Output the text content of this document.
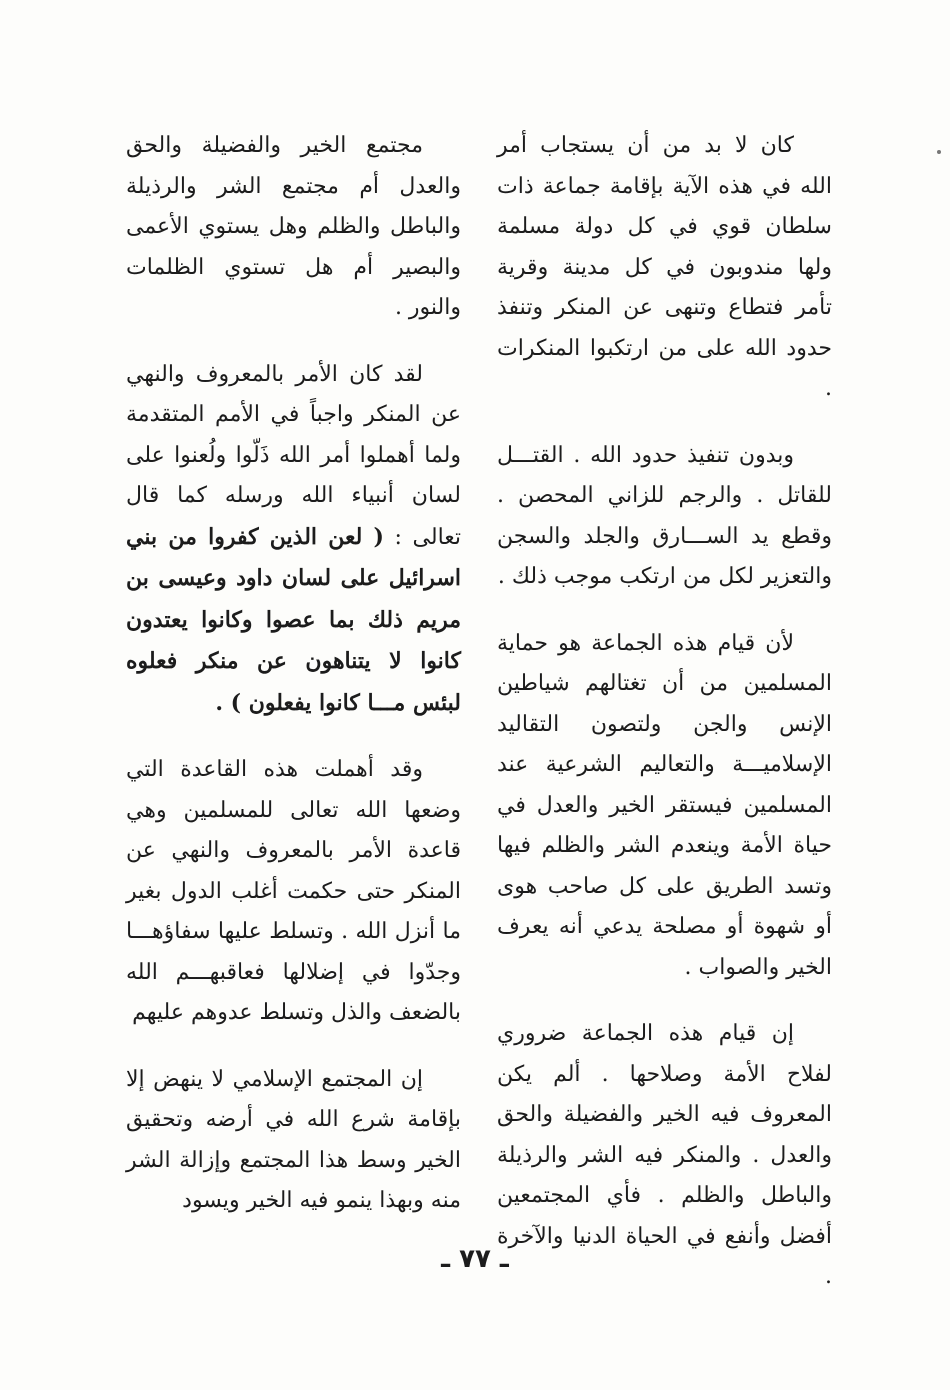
كان لا بد من أن يستجاب أمر الله في هذه الآية بإقامة جماعة ذات سلطان قوي في كل دولة مسلمة ولها مندوبون في كل مدينة وقرية تأمر فتطاع وتنهى عن المنكر وتنفذ حدود الله على من ارتكبوا المنكرات .

وبدون تنفيذ حدود الله . القتـــل للقاتل . والرجم للزاني المحصن . وقطع يد الســـارق والجلد والسجن والتعزير لكل من ارتكب موجب ذلك .

لأن قيام هذه الجماعة هو حماية المسلمين من أن تغتالهم شياطين الإنس والجن ولتصون التقاليد الإسلاميـــة والتعاليم الشرعية عند المسلمين فيستقر الخير والعدل في حياة الأمة وينعدم الشر والظلم فيها وتسد الطريق على كل صاحب هوى أو شهوة أو مصلحة يدعي أنه يعرف الخير والصواب .

إن قيام هذه الجماعة ضروري لفلاح الأمة وصلاحها . ألم يكن المعروف فيه الخير والفضيلة والحق والعدل . والمنكر فيه الشر والرذيلة والباطل والظلم . فأي المجتمعين أفضل وأنفع في الحياة الدنيا والآخرة .

مجتمع الخير والفضيلة والحق والعدل أم مجتمع الشر والرذيلة والباطل والظلم وهل يستوي الأعمى والبصير أم هل تستوي الظلمات والنور .

لقد كان الأمر بالمعروف والنهي عن المنكر واجباً في الأمم المتقدمة ولما أهملوا أمر الله ذَلّوا ولُعنوا على لسان أنبياء الله ورسله كما قال تعالى : ( لعن الذين كفروا من بني اسرائيل على لسان داود وعيسى بن مريم ذلك بما عصوا وكانوا يعتدون كانوا لا يتناهون عن منكر فعلوه لبئس مـــا كانوا يفعلون ) .

وقد أهملت هذه القاعدة التي وضعها الله تعالى للمسلمين وهي قاعدة الأمر بالمعروف والنهي عن المنكر حتى حكمت أغلب الدول بغير ما أنزل الله . وتسلط عليها سفاؤهـــا وجدّوا في إضلالها فعاقبهـــم الله بالضعف والذل وتسلط عدوهم عليهم

إن المجتمع الإسلامي لا ينهض إلا بإقامة شرع الله في أرضه وتحقيق الخير وسط هذا المجتمع وإزالة الشر منه وبهذا ينمو فيه الخير ويسود

ـ ٧٧ ـ
